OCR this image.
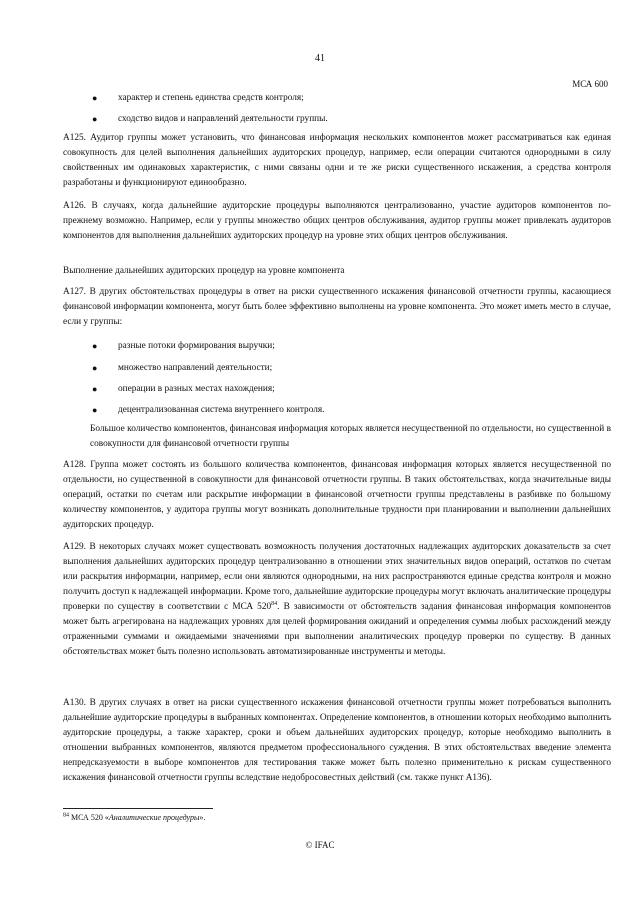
41
МСА 600
● характер и степень единства средств контроля;
● сходство видов и направлений деятельности группы.
A125. Аудитор группы может установить, что финансовая информация нескольких компонентов может рассматриваться как единая совокупность для целей выполнения дальнейших аудиторских процедур, например, если операции считаются однородными в силу свойственных им одинаковых характеристик, с ними связаны одни и те же риски существенного искажения, а средства контроля разработаны и функционируют единообразно.
A126. В случаях, когда дальнейшие аудиторские процедуры выполняются централизованно, участие аудиторов компонентов по-прежнему возможно. Например, если у группы множество общих центров обслуживания, аудитор группы может привлекать аудиторов компонентов для выполнения дальнейших аудиторских процедур на уровне этих общих центров обслуживания.
Выполнение дальнейших аудиторских процедур на уровне компонента
A127. В других обстоятельствах процедуры в ответ на риски существенного искажения финансовой отчетности группы, касающиеся финансовой информации компонента, могут быть более эффективно выполнены на уровне компонента. Это может иметь место в случае, если у группы:
● разные потоки формирования выручки;
● множество направлений деятельности;
● операции в разных местах нахождения;
● децентрализованная система внутреннего контроля.
Большое количество компонентов, финансовая информация которых является несущественной по отдельности, но существенной в совокупности для финансовой отчетности группы
A128. Группа может состоять из большого количества компонентов, финансовая информация которых является несущественной по отдельности, но существенной в совокупности для финансовой отчетности группы. В таких обстоятельствах, когда значительные виды операций, остатки по счетам или раскрытие информации в финансовой отчетности группы представлены в разбивке по большому количеству компонентов, у аудитора группы могут возникать дополнительные трудности при планировании и выполнении дальнейших аудиторских процедур.
A129. В некоторых случаях может существовать возможность получения достаточных надлежащих аудиторских доказательств за счет выполнения дальнейших аудиторских процедур централизованно в отношении этих значительных видов операций, остатков по счетам или раскрытия информации, например, если они являются однородными, на них распространяются единые средства контроля и можно получить доступ к надлежащей информации. Кроме того, дальнейшие аудиторские процедуры могут включать аналитические процедуры проверки по существу в соответствии с МСА $520^{84}$. В зависимости от обстоятельств задания финансовая информация компонентов может быть агрегирована на надлежащих уровнях для целей формирования ожиданий и определения суммы любых расхождений между отраженными суммами и ожидаемыми значениями при выполнении аналитических процедур проверки по существу. В данных обстоятельствах может быть полезно использовать автоматизированные инструменты и методы.
A130. В других случаях в ответ на риски существенного искажения финансовой отчетности группы может потребоваться выполнить дальнейшие аудиторские процедуры в выбранных компонентах. Определение компонентов, в отношении которых необходимо выполнить аудиторские процедуры, а также характер, сроки и объем дальнейших аудиторских процедур, которые необходимо выполнить в отношении выбранных компонентов, являются предметом профессионального суждения. В этих обстоятельствах введение элемента непредсказуемости в выборе компонентов для тестирования также может быть полезно применительно к рискам существенного искажения финансовой отчетности группы вследствие недобросовестных действий (см. также пункт А136).
$^{84}$ МСА 520 «Аналитические процедуры».
© IFAC
